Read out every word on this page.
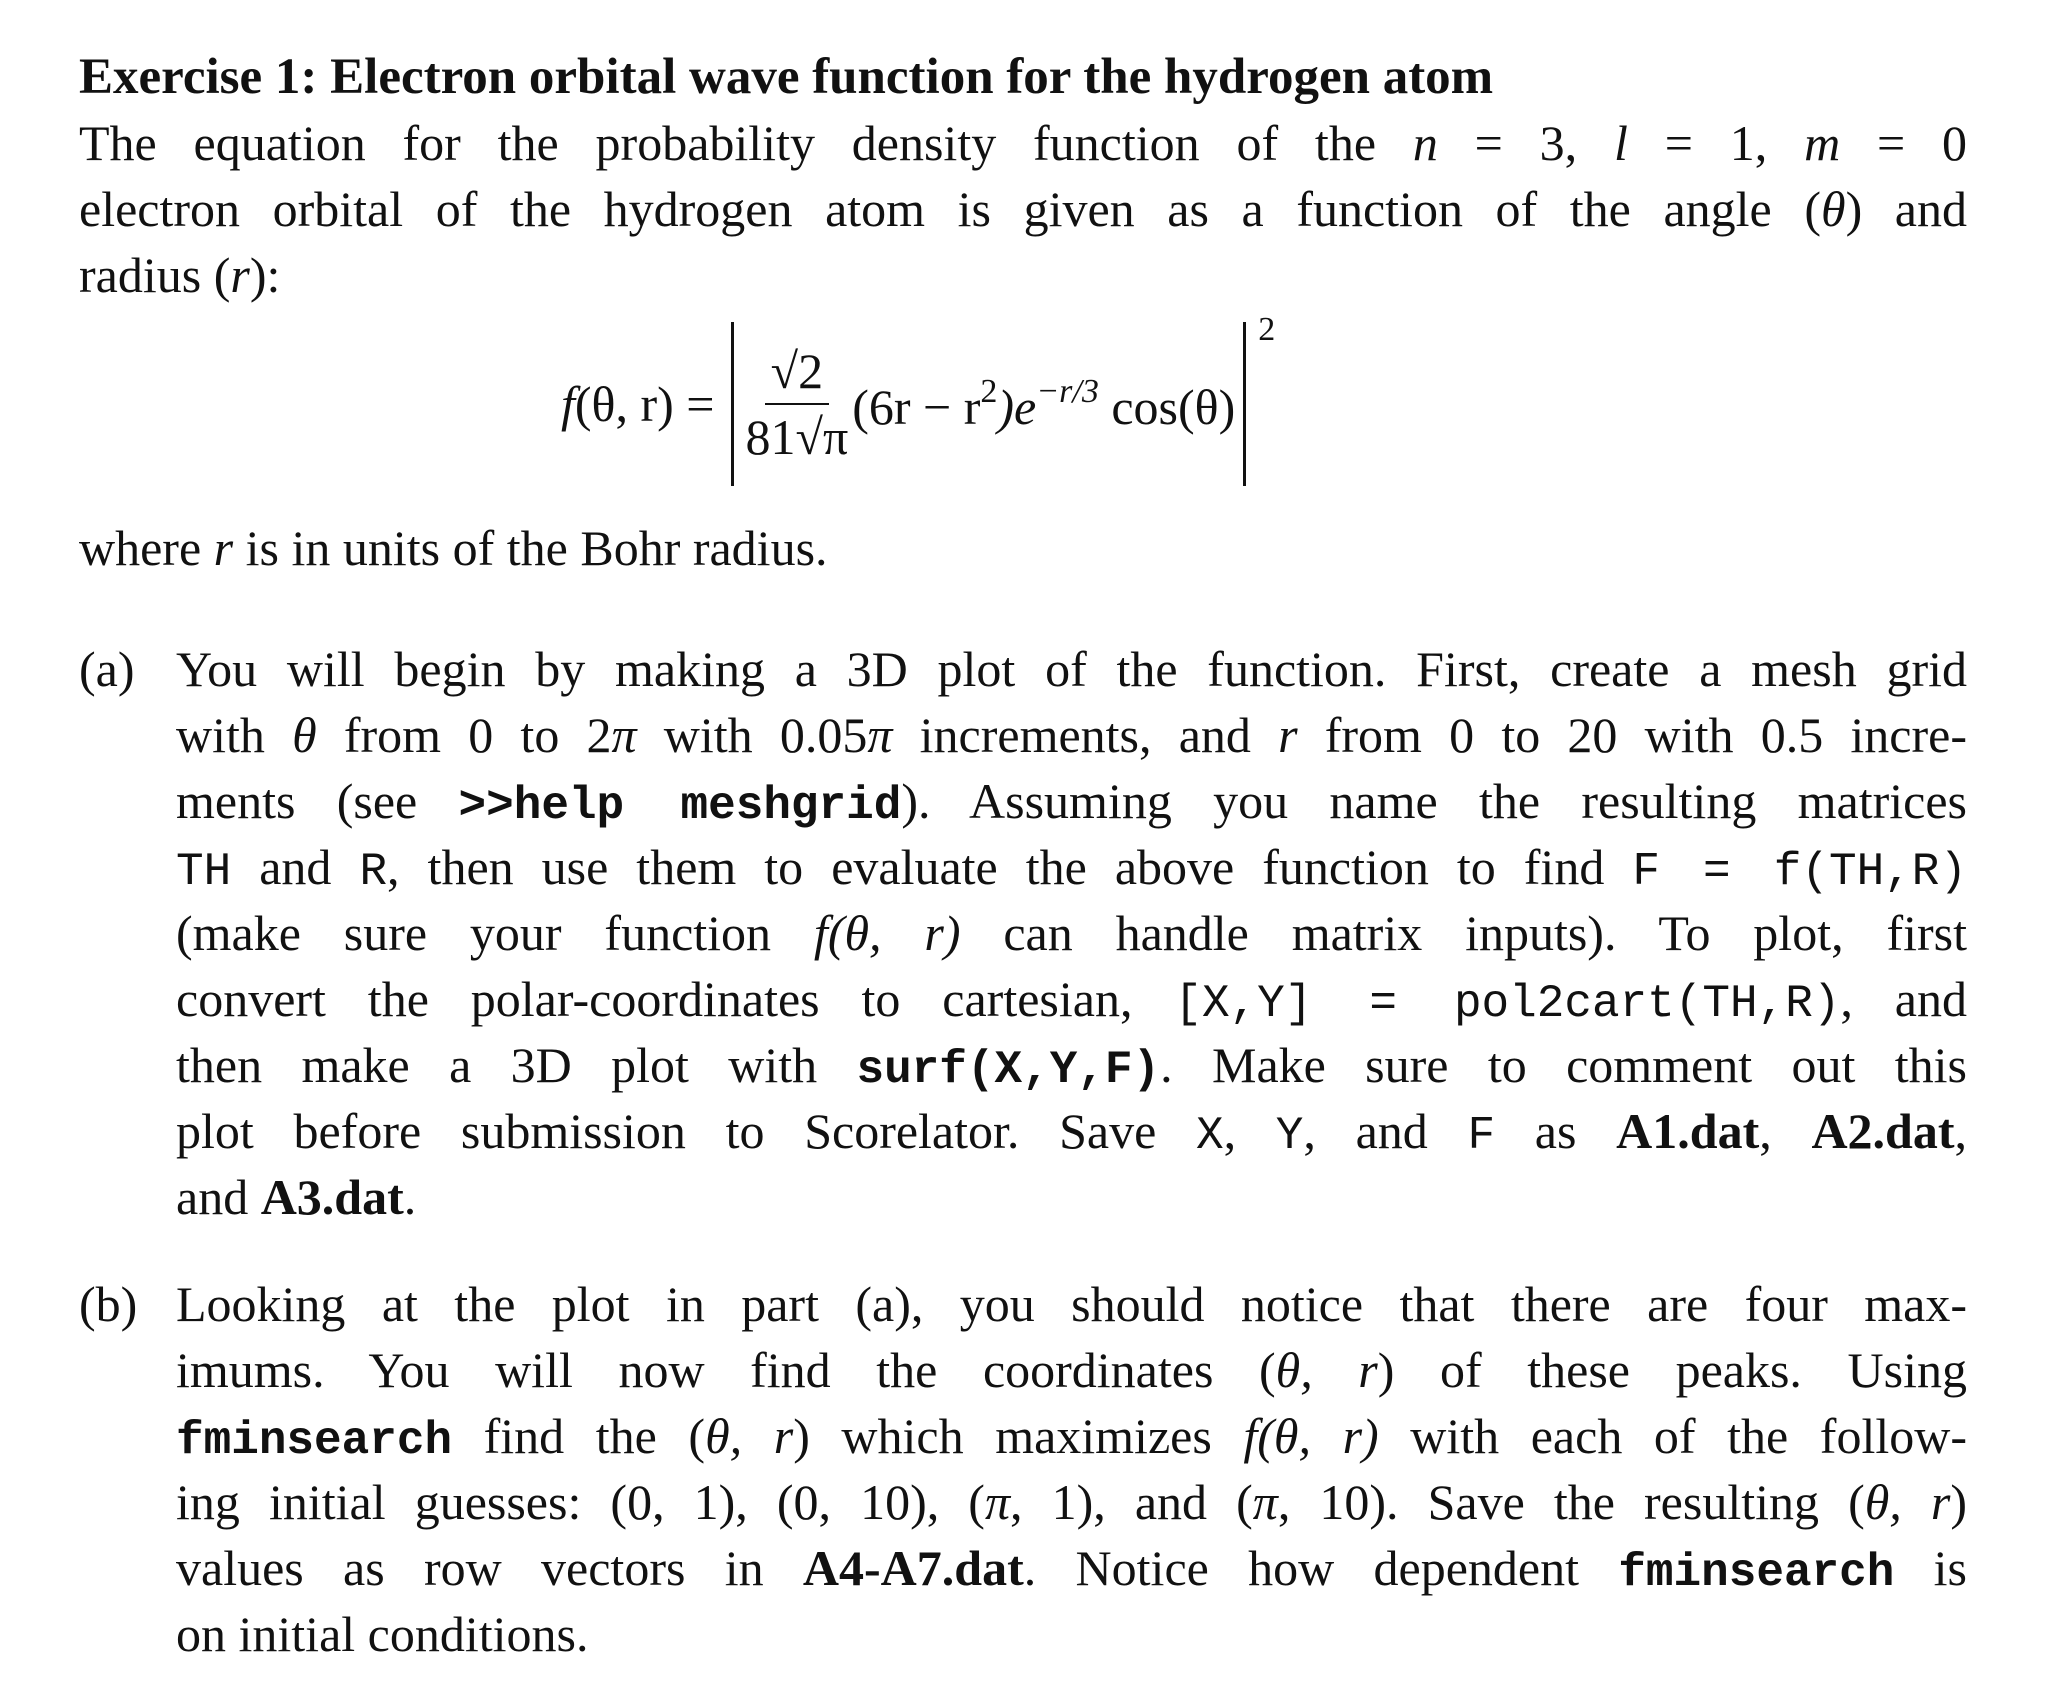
Exercise 1: Electron orbital wave function for the hydrogen atom
The equation for the probability density function of the n = 3, l = 1, m = 0
electron orbital of the hydrogen atom is given as a function of the angle (θ) and
radius (r):
f (θ, $r) = \frac{√2}{81√\pi} (6r - r^2)e^{-r/3}$ cos(θ)
2
where r is in units of the Bohr radius.
(a) You will begin by making a 3D plot of the function. First, create a mesh grid
with θ from 0 to 2π with 0.05π increments, and r from 0 to 20 with 0.5 incre-
ments (see >>help meshgrid). Assuming you name the resulting matrices
TH and R, then use them to evaluate the above function to find F = f(TH,R)
(make sure your function f(θ, r) can handle matrix inputs). To plot, first
convert the polar-coordinates to cartesian, [X,Y] = pol2cart(TH,R), and
then make a 3D plot with surf(X,Y,F). Make sure to comment out this
plot before submission to Scorelator. Save X, Y, and F as A1.dat, A2.dat,
and A3.dat.
(b) Looking at the plot in part (a), you should notice that there are four max-
imums. You will now find the coordinates (θ, r) of these peaks. Using
fminsearch find the (θ, r) which maximizes f(θ, r) with each of the follow-
ing initial guesses: (0, 1), (0, 10), (π, 1), and (π, 10). Save the resulting (θ, r)
values as row vectors in A4-A7.dat. Notice how dependent fminsearch is
on initial conditions.
